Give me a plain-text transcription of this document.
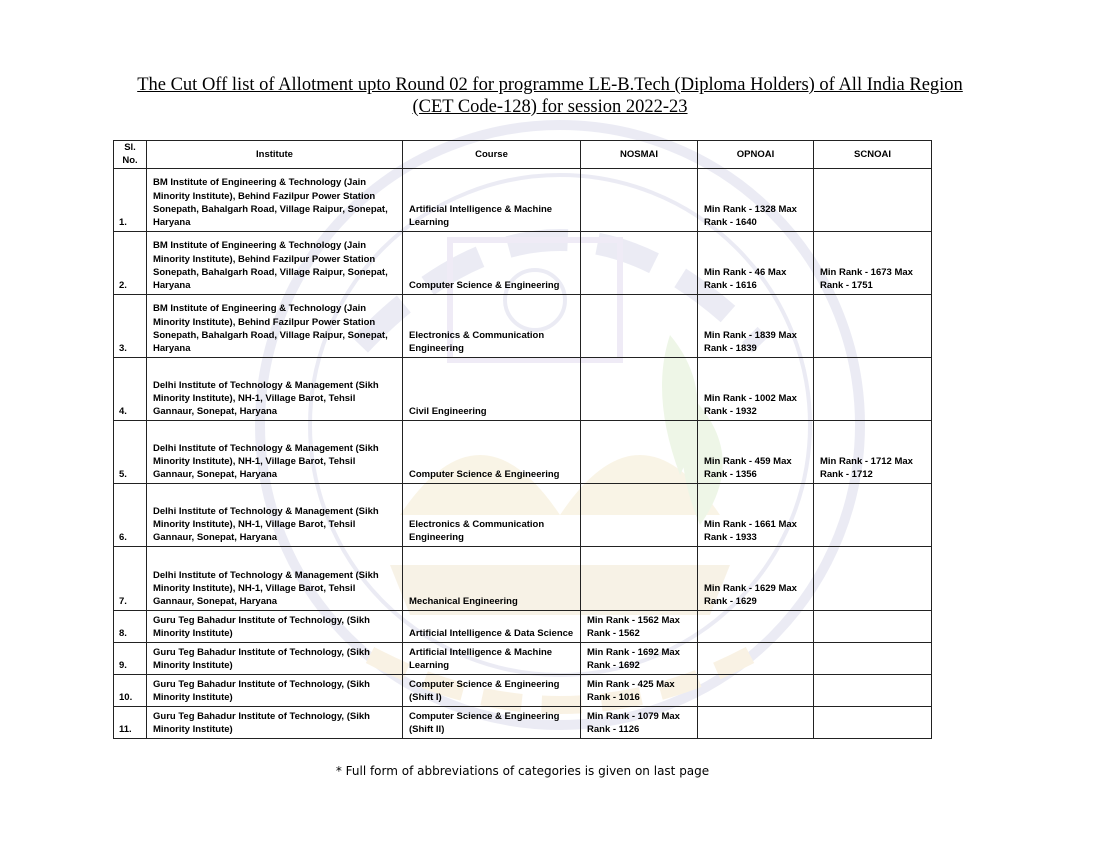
The Cut Off list of Allotment upto Round 02 for programme LE-B.Tech (Diploma Holders) of All India Region
(CET Code-128) for session 2022-23
Sl. No.	Institute	Course	NOSMAI	OPNOAI	SCNOAI
1.	BM Institute of Engineering & Technology (Jain Minority Institute), Behind Fazilpur Power Station Sonepath, Bahalgarh Road, Village Raipur, Sonepat, Haryana	Artificial Intelligence & Machine Learning		Min Rank - 1328 Max Rank - 1640	
2.	BM Institute of Engineering & Technology (Jain Minority Institute), Behind Fazilpur Power Station Sonepath, Bahalgarh Road, Village Raipur, Sonepat, Haryana	Computer Science & Engineering		Min Rank - 46 Max Rank - 1616	Min Rank - 1673 Max Rank - 1751
3.	BM Institute of Engineering & Technology (Jain Minority Institute), Behind Fazilpur Power Station Sonepath, Bahalgarh Road, Village Raipur, Sonepat, Haryana	Electronics & Communication Engineering		Min Rank - 1839 Max Rank - 1839	
4.	Delhi Institute of Technology & Management (Sikh Minority Institute), NH-1, Village Barot, Tehsil Gannaur, Sonepat, Haryana	Civil Engineering		Min Rank - 1002 Max Rank - 1932	
5.	Delhi Institute of Technology & Management (Sikh Minority Institute), NH-1, Village Barot, Tehsil Gannaur, Sonepat, Haryana	Computer Science & Engineering		Min Rank - 459 Max Rank - 1356	Min Rank - 1712 Max Rank - 1712
6.	Delhi Institute of Technology & Management (Sikh Minority Institute), NH-1, Village Barot, Tehsil Gannaur, Sonepat, Haryana	Electronics & Communication Engineering		Min Rank - 1661 Max Rank - 1933	
7.	Delhi Institute of Technology & Management (Sikh Minority Institute), NH-1, Village Barot, Tehsil Gannaur, Sonepat, Haryana	Mechanical Engineering		Min Rank - 1629 Max Rank - 1629	
8.	Guru Teg Bahadur Institute of Technology, (Sikh Minority Institute)	Artificial Intelligence & Data Science	Min Rank - 1562 Max Rank - 1562		
9.	Guru Teg Bahadur Institute of Technology, (Sikh Minority Institute)	Artificial Intelligence & Machine Learning	Min Rank - 1692 Max Rank - 1692		
10.	Guru Teg Bahadur Institute of Technology, (Sikh Minority Institute)	Computer Science & Engineering (Shift I)	Min Rank - 425 Max Rank - 1016		
11.	Guru Teg Bahadur Institute of Technology, (Sikh Minority Institute)	Computer Science & Engineering (Shift II)	Min Rank - 1079 Max Rank - 1126		
* Full form of abbreviations of categories is given on last page
